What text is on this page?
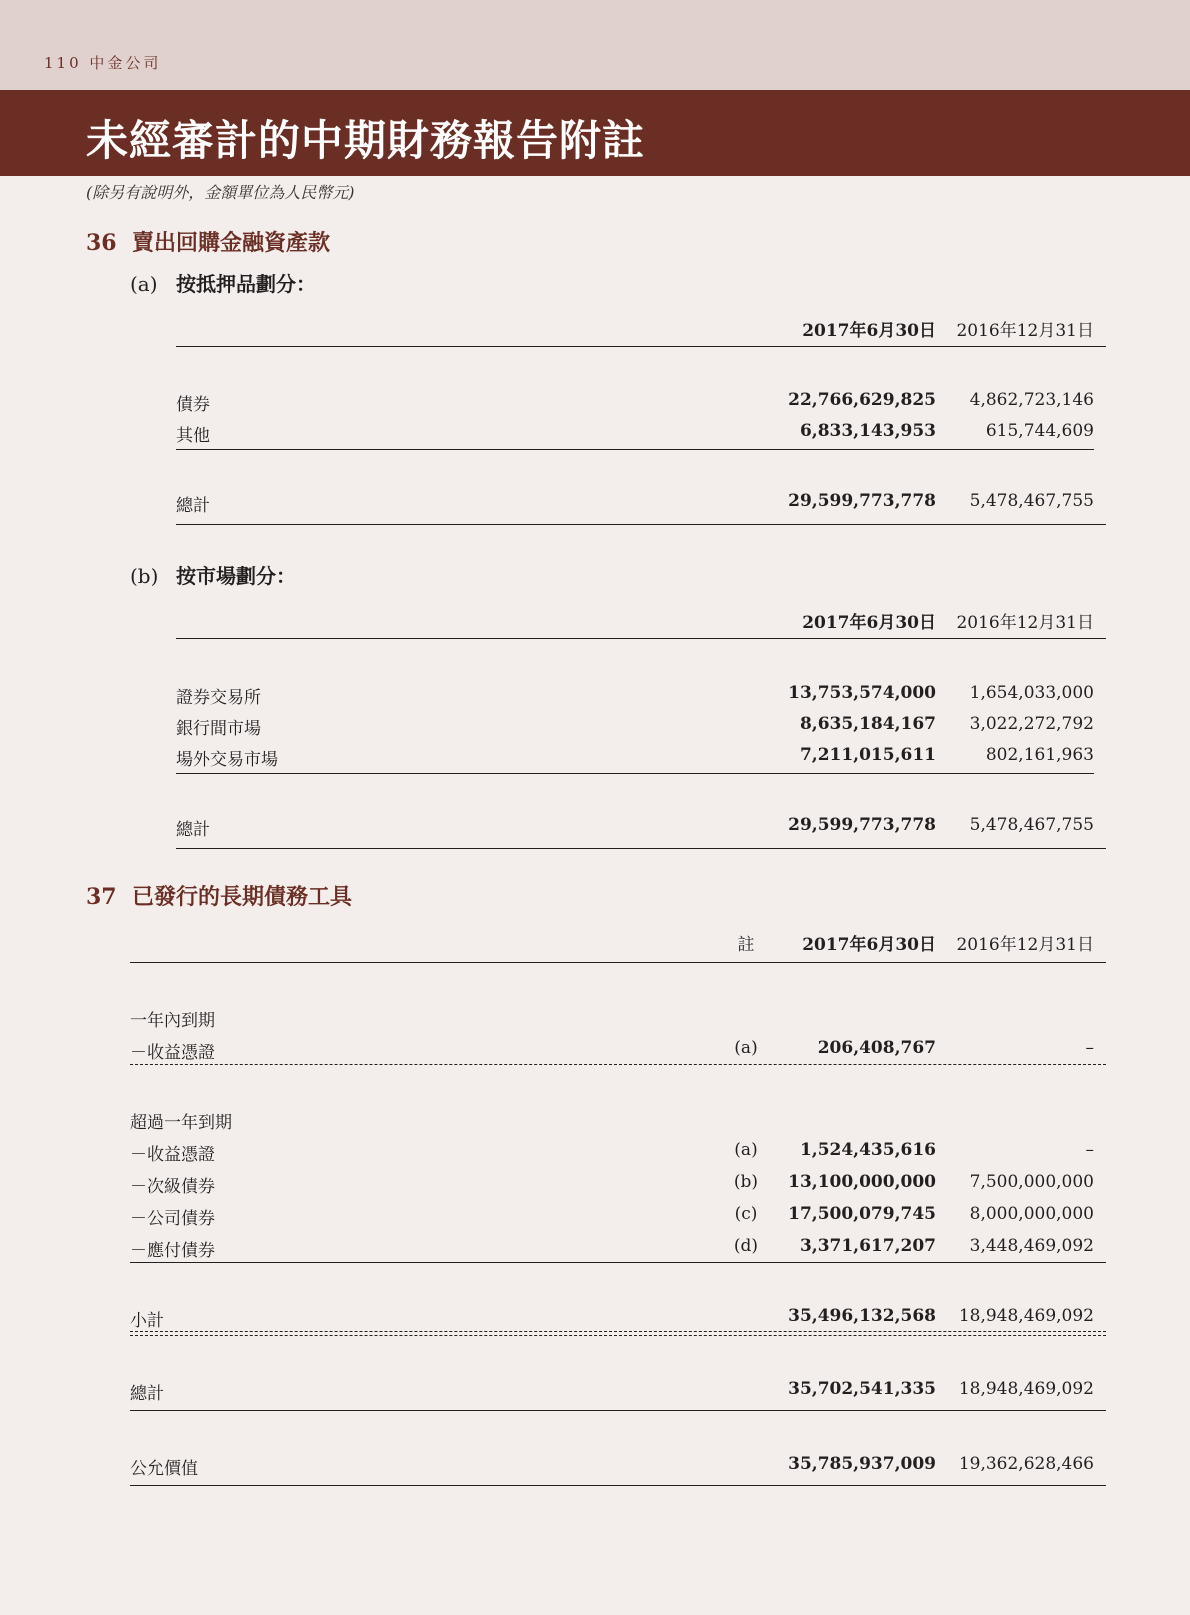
110 中金公司
未經審計的中期財務報告附註
(除另有說明外，金額單位為人民幣元)
36 賣出回購金融資產款
(a) 按抵押品劃分：
2017年6月30日	2016年12月31日
債券	22,766,629,825	4,862,723,146
其他	6,833,143,953	615,744,609
總計	29,599,773,778	5,478,467,755
(b) 按市場劃分：
2017年6月30日	2016年12月31日
證券交易所	13,753,574,000	1,654,033,000
銀行間市場	8,635,184,167	3,022,272,792
場外交易市場	7,211,015,611	802,161,963
總計	29,599,773,778	5,478,467,755
37 已發行的長期債務工具
註	2017年6月30日	2016年12月31日
一年內到期
－收益憑證	(a)	206,408,767	–
超過一年到期
－收益憑證	(a)	1,524,435,616	–
－次級債券	(b)	13,100,000,000	7,500,000,000
－公司債券	(c)	17,500,079,745	8,000,000,000
－應付債券	(d)	3,371,617,207	3,448,469,092
小計	35,496,132,568	18,948,469,092
總計	35,702,541,335	18,948,469,092
公允價值	35,785,937,009	19,362,628,466
